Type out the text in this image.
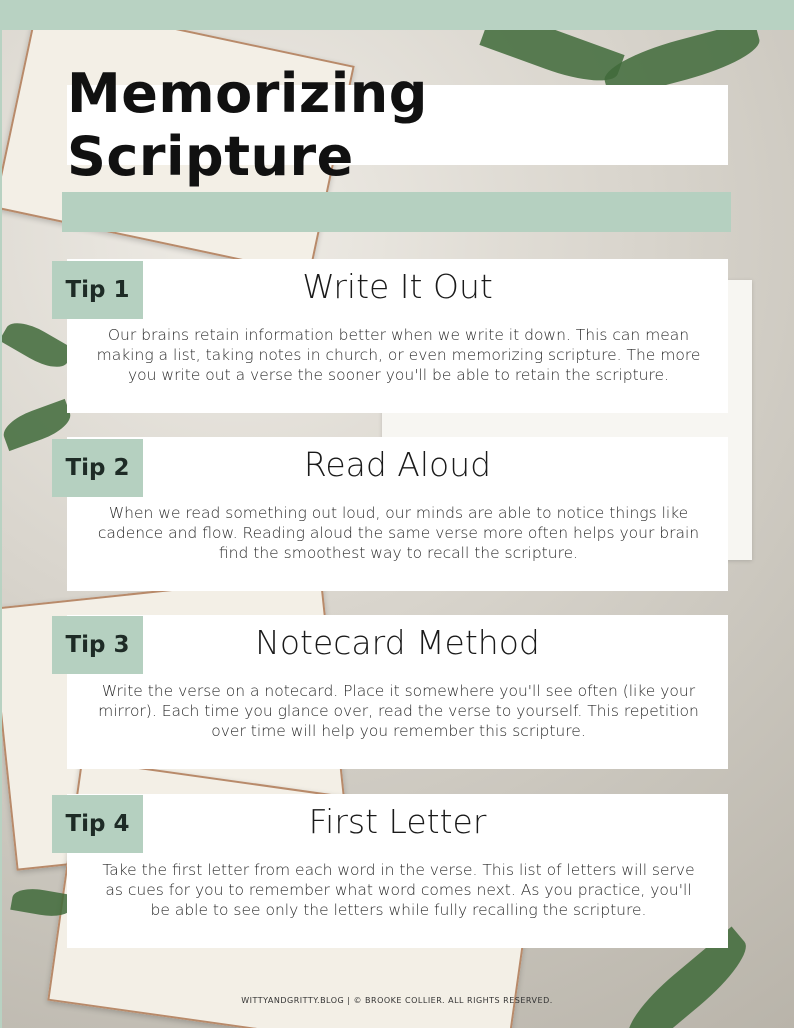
Memorizing Scripture
Write It Out
Our brains retain information better when we write it down. This can mean making a list, taking notes in church, or even memorizing scripture. The more you write out a verse the sooner you'll be able to retain the scripture.
Tip 1
Read Aloud
When we read something out loud, our minds are able to notice things like cadence and flow. Reading aloud the same verse more often helps your brain find the smoothest way to recall the scripture.
Tip 2
Notecard Method
Write the verse on a notecard. Place it somewhere you'll see often (like your mirror). Each time you glance over, read the verse to yourself. This repetition over time will help you remember this scripture.
Tip 3
First Letter
Take the first letter from each word in the verse. This list of letters will serve as cues for you to remember what word comes next. As you practice, you'll be able to see only the letters while fully recalling the scripture.
Tip 4
WITTYANDGRITTY.BLOG | © BROOKE COLLIER. ALL RIGHTS RESERVED.
